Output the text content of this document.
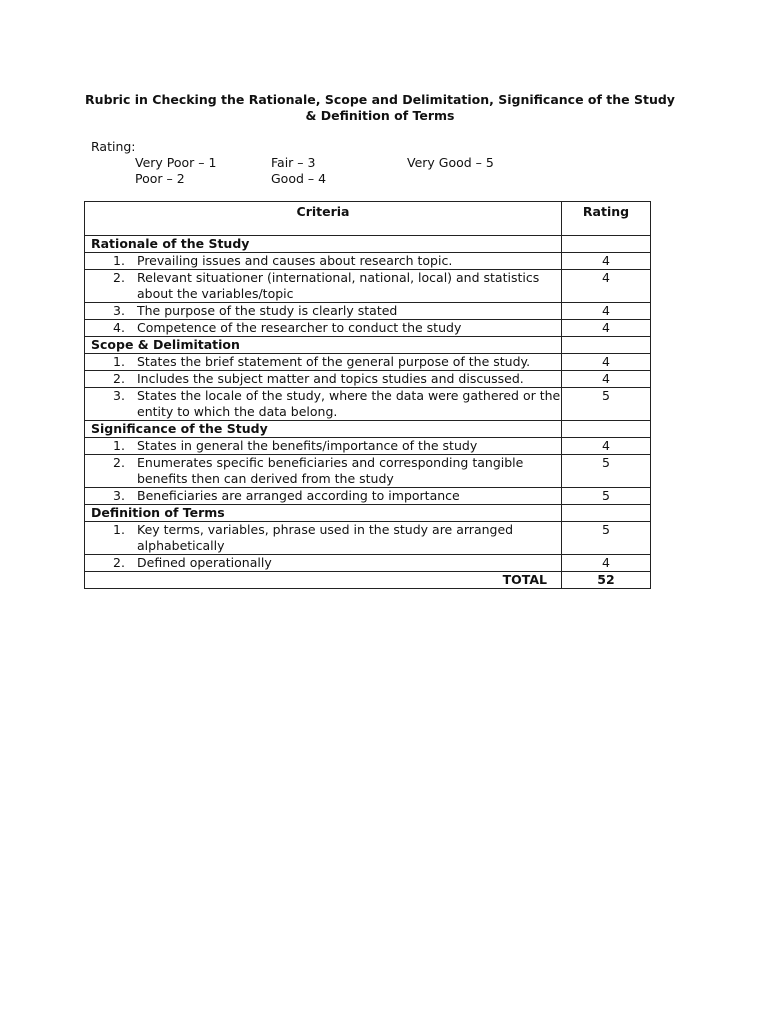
Rubric in Checking the Rationale, Scope and Delimitation, Significance of the Study
& Definition of Terms
Rating:
Very Poor – 1	Fair – 3	Very Good – 5
Poor – 2	Good – 4
Criteria	Rating
Rationale of the Study	
1. Prevailing issues and causes about research topic.	4
2. Relevant situationer (international, national, local) and statistics about the variables/topic	4
3. The purpose of the study is clearly stated	4
4. Competence of the researcher to conduct the study	4
Scope & Delimitation	
1. States the brief statement of the general purpose of the study.	4
2. Includes the subject matter and topics studies and discussed.	4
3. States the locale of the study, where the data were gathered or the entity to which the data belong.	5
Significance of the Study	
1. States in general the benefits/importance of the study	4
2. Enumerates specific beneficiaries and corresponding tangible benefits then can derived from the study	5
3. Beneficiaries are arranged according to importance	5
Definition of Terms	
1. Key terms, variables, phrase used in the study are arranged alphabetically	5
2. Defined operationally	4
TOTAL	52
